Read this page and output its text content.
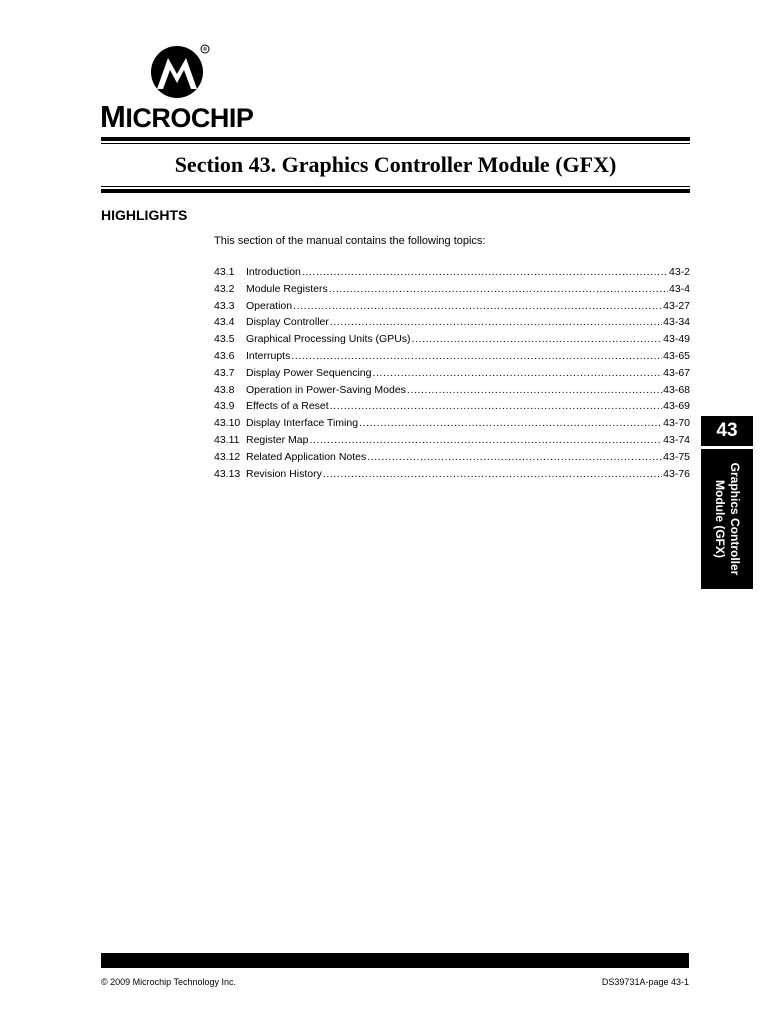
®
MICROCHIP
Section 43. Graphics Controller Module (GFX)
HIGHLIGHTS
This section of the manual contains the following topics:
43.1	Introduction .....	43-2
43.2	Module Registers .....	43-4
43.3	Operation .....	43-27
43.4	Display Controller .....	43-34
43.5	Graphical Processing Units (GPUs) .....	43-49
43.6	Interrupts .....	43-65
43.7	Display Power Sequencing .....	43-67
43.8	Operation in Power-Saving Modes .....	43-68
43.9	Effects of a Reset .....	43-69
43.10 Display Interface Timing .....	43-70
43.11 Register Map .....	43-74
43.12 Related Application Notes .....	43-75
43.13 Revision History .....	43-76
43
Graphics Controller
Module (GFX)
© 2009 Microchip Technology Inc.	DS39731A-page 43-1
